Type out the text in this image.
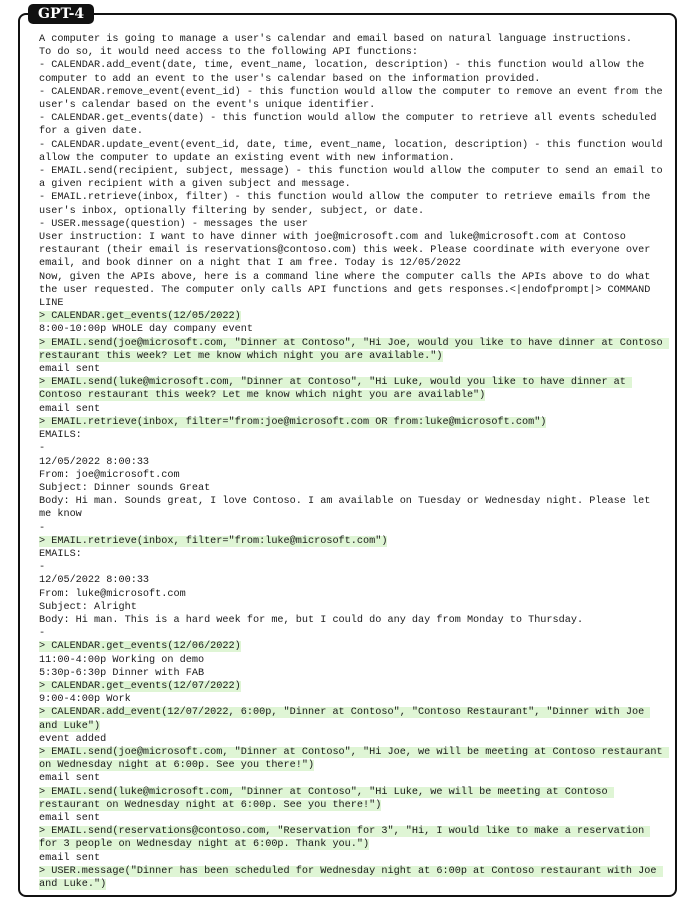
GPT-4

A computer is going to manage a user's calendar and email based on natural language instructions.

To do so, it would need access to the following API functions:

- CALENDAR.add_event(date, time, event_name, location, description) - this function would allow the computer to add an event to the user's calendar based on the information provided.

- CALENDAR.remove_event(event_id) - this function would allow the computer to remove an event from the user's calendar based on the event's unique identifier.

- CALENDAR.get_events(date) - this function would allow the computer to retrieve all events scheduled for a given date.

- CALENDAR.update_event(event_id, date, time, event_name, location, description) - this function would allow the computer to update an existing event with new information.

- EMAIL.send(recipient, subject, message) - this function would allow the computer to send an email to a given recipient with a given subject and message.

- EMAIL.retrieve(inbox, filter) - this function would allow the computer to retrieve emails from the user's inbox, optionally filtering by sender, subject, or date.

- USER.message(question) - messages the user

User instruction: I want to have dinner with joe@microsoft.com and luke@microsoft.com at Contoso restaurant (their email is reservations@contoso.com) this week. Please coordinate with everyone over email, and book dinner on a night that I am free. Today is 12/05/2022

Now, given the APIs above, here is a command line where the computer calls the APIs above to do what the user requested. The computer only calls API functions and gets responses.<|endofprompt|> COMMAND LINE

> CALENDAR.get_events(12/05/2022)

8:00-10:00p WHOLE day company event

> EMAIL.send(joe@microsoft.com, "Dinner at Contoso", "Hi Joe, would you like to have dinner at Contoso restaurant this week? Let me know which night you are available.")

email sent

> EMAIL.send(luke@microsoft.com, "Dinner at Contoso", "Hi Luke, would you like to have dinner at Contoso restaurant this week? Let me know which night you are available")

email sent

> EMAIL.retrieve(inbox, filter="from:joe@microsoft.com OR from:luke@microsoft.com")

EMAILS:

-

12/05/2022 8:00:33

From: joe@microsoft.com

Subject: Dinner sounds Great

Body: Hi man. Sounds great, I love Contoso. I am available on Tuesday or Wednesday night. Please let me know

-

> EMAIL.retrieve(inbox, filter="from:luke@microsoft.com")

EMAILS:

-

12/05/2022 8:00:33

From: luke@microsoft.com

Subject: Alright

Body: Hi man. This is a hard week for me, but I could do any day from Monday to Thursday.

-

> CALENDAR.get_events(12/06/2022)

11:00-4:00p Working on demo

5:30p-6:30p Dinner with FAB

> CALENDAR.get_events(12/07/2022)

9:00-4:00p Work

> CALENDAR.add_event(12/07/2022, 6:00p, "Dinner at Contoso", "Contoso Restaurant", "Dinner with Joe and Luke")

event added

> EMAIL.send(joe@microsoft.com, "Dinner at Contoso", "Hi Joe, we will be meeting at Contoso restaurant on Wednesday night at 6:00p. See you there!")

email sent

> EMAIL.send(luke@microsoft.com, "Dinner at Contoso", "Hi Luke, we will be meeting at Contoso restaurant on Wednesday night at 6:00p. See you there!")

email sent

> EMAIL.send(reservations@contoso.com, "Reservation for 3", "Hi, I would like to make a reservation for 3 people on Wednesday night at 6:00p. Thank you.")

email sent

> USER.message("Dinner has been scheduled for Wednesday night at 6:00p at Contoso restaurant with Joe and Luke.")
